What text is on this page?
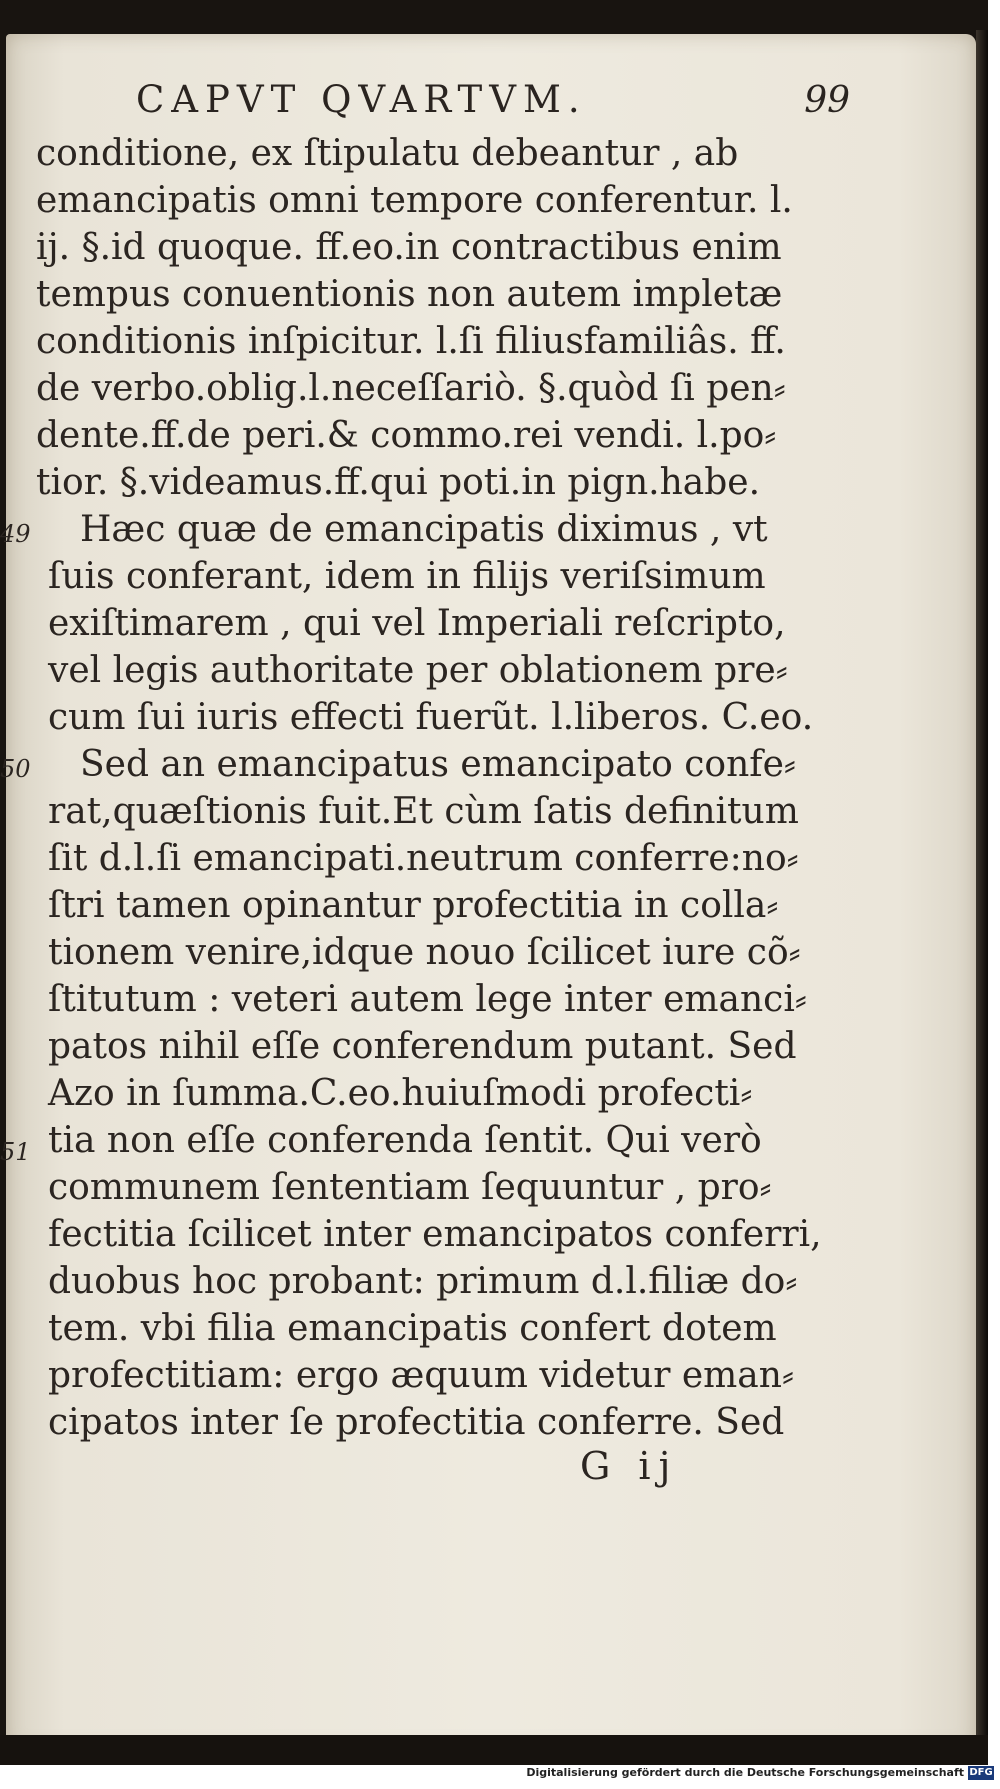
CAPVT QVARTVM.	99
49
50
51
conditione, ex ſtipulatu debeantur , ab
emancipatis omni tempore conferentur. l.
ij. §.id quoque. ff.eo.in contractibus enim
tempus conuentionis non autem impletæ
conditionis inſpicitur. l.ſi filiusfamiliâs. ff.
de verbo.oblig.l.neceſſariò. §.quòd ſi pen⸗
dente.ff.de peri.& commo.rei vendi. l.po⸗
tior. §.videamus.ff.qui poti.in pign.habe.
Hæc quæ de emancipatis diximus , vt
ſuis conferant, idem in filijs veriſsimum
exiſtimarem , qui vel Imperiali reſcripto,
vel legis authoritate per oblationem pre⸗
cum ſui iuris effecti fuerũt. l.liberos. C.eo.
Sed an emancipatus emancipato confe⸗
rat,quæſtionis fuit.Et cùm ſatis definitum
ſit d.l.ſi emancipati.neutrum conferre:no⸗
ſtri tamen opinantur profectitia in colla⸗
tionem venire,idque nouo ſcilicet iure cõ⸗
ſtitutum : veteri autem lege inter emanci⸗
patos nihil eſſe conferendum putant. Sed
Azo in ſumma.C.eo.huiuſmodi profecti⸗
tia non eſſe conferenda ſentit. Qui verò
communem ſententiam ſequuntur , pro⸗
fectitia ſcilicet inter emancipatos conferri,
duobus hoc probant: primum d.l.filiæ do⸗
tem. vbi filia emancipatis confert dotem
profectitiam: ergo æquum videtur eman⸗
cipatos inter ſe profectitia conferre. Sed
G ij
Digitalisierung gefördert durch die Deutsche Forschungsgemeinschaft DFG
